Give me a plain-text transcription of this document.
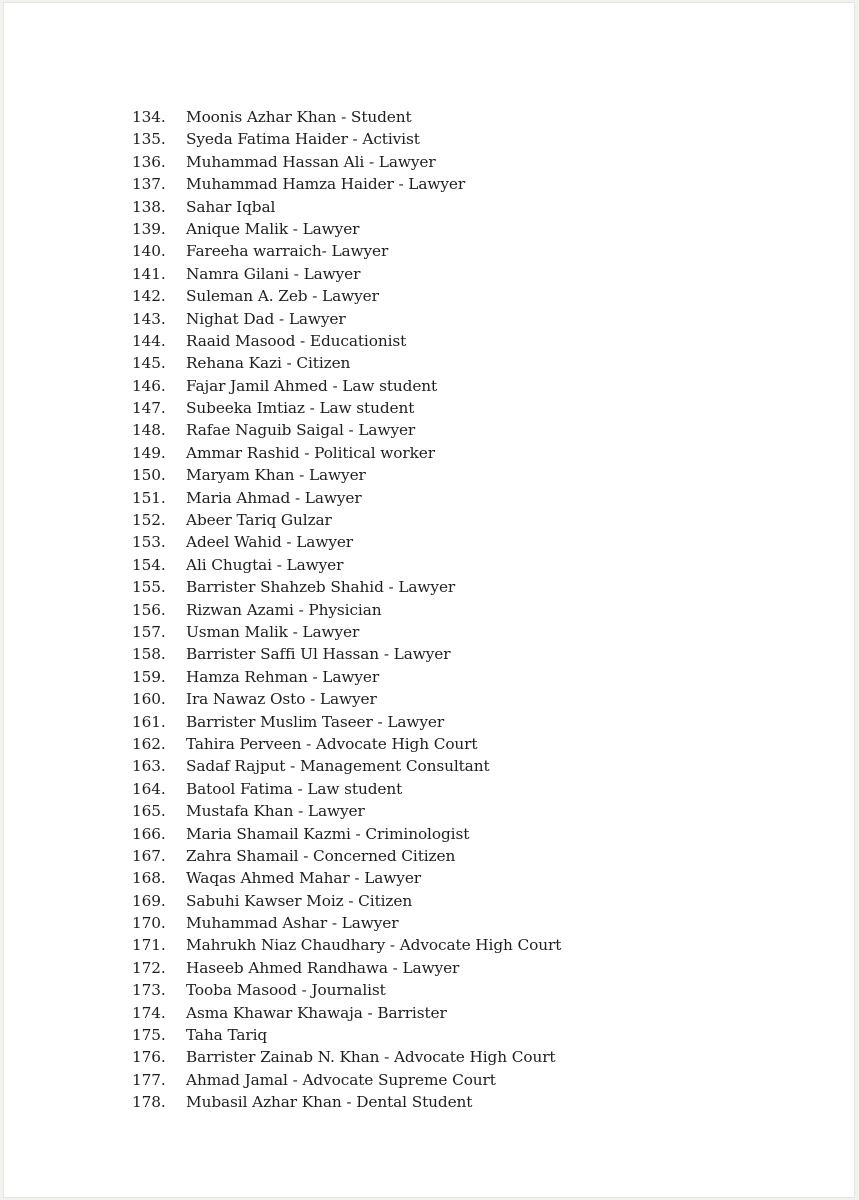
134.	Moonis Azhar Khan - Student
135.	Syeda Fatima Haider - Activist
136.	Muhammad Hassan Ali - Lawyer
137.	Muhammad Hamza Haider - Lawyer
138.	Sahar Iqbal
139.	Anique Malik - Lawyer
140.	Fareeha warraich- Lawyer
141.	Namra Gilani - Lawyer
142.	Suleman A. Zeb - Lawyer
143.	Nighat Dad - Lawyer
144.	Raaid Masood - Educationist
145.	Rehana Kazi - Citizen
146.	Fajar Jamil Ahmed - Law student
147.	Subeeka Imtiaz - Law student
148.	Rafae Naguib Saigal - Lawyer
149.	Ammar Rashid - Political worker
150.	Maryam Khan - Lawyer
151.	Maria Ahmad - Lawyer
152.	Abeer Tariq Gulzar
153.	Adeel Wahid - Lawyer
154.	Ali Chugtai - Lawyer
155.	Barrister Shahzeb Shahid - Lawyer
156.	Rizwan Azami - Physician
157.	Usman Malik - Lawyer
158.	Barrister Saffi Ul Hassan - Lawyer
159.	Hamza Rehman - Lawyer
160.	Ira Nawaz Osto - Lawyer
161.	Barrister Muslim Taseer - Lawyer
162.	Tahira Perveen - Advocate High Court
163.	Sadaf Rajput - Management Consultant
164.	Batool Fatima - Law student
165.	Mustafa Khan - Lawyer
166.	Maria Shamail Kazmi - Criminologist
167.	Zahra Shamail - Concerned Citizen
168.	Waqas Ahmed Mahar - Lawyer
169.	Sabuhi Kawser Moiz - Citizen
170.	Muhammad Ashar - Lawyer
171.	Mahrukh Niaz Chaudhary - Advocate High Court
172.	Haseeb Ahmed Randhawa - Lawyer
173.	Tooba Masood - Journalist
174.	Asma Khawar Khawaja - Barrister
175.	Taha Tariq
176.	Barrister Zainab N. Khan - Advocate High Court
177.	Ahmad Jamal - Advocate Supreme Court
178.	Mubasil Azhar Khan - Dental Student
